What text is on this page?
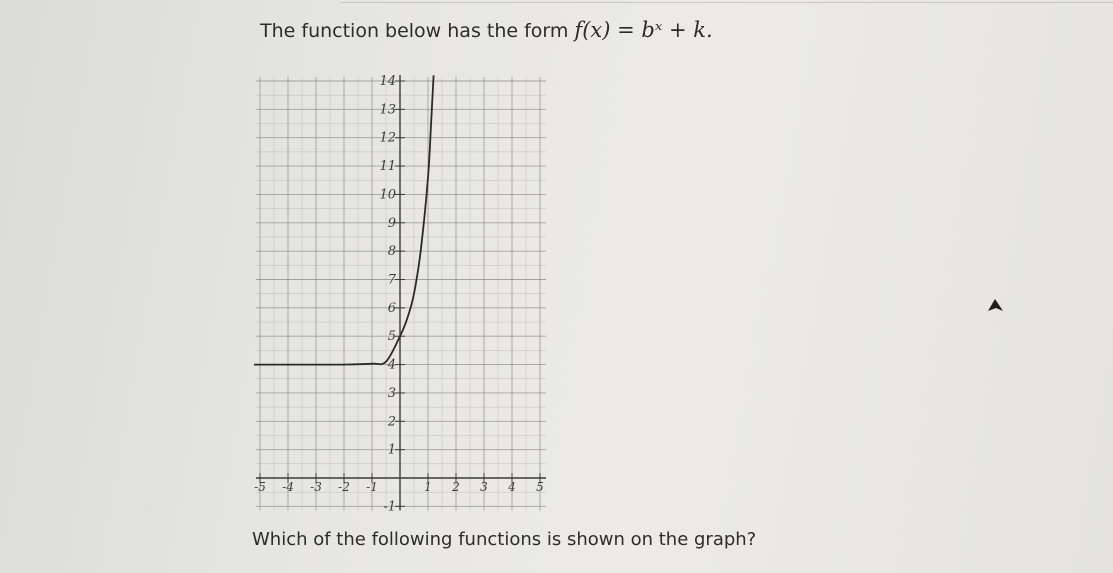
The function below has the form f(x) = bˣ + k.
-5 -4 -3 -2 -1	1 2 3 4 5
-1
1
2
3
4
5
6
7
8
9
10
11
12
13
14
Which of the following functions is shown on the graph?
